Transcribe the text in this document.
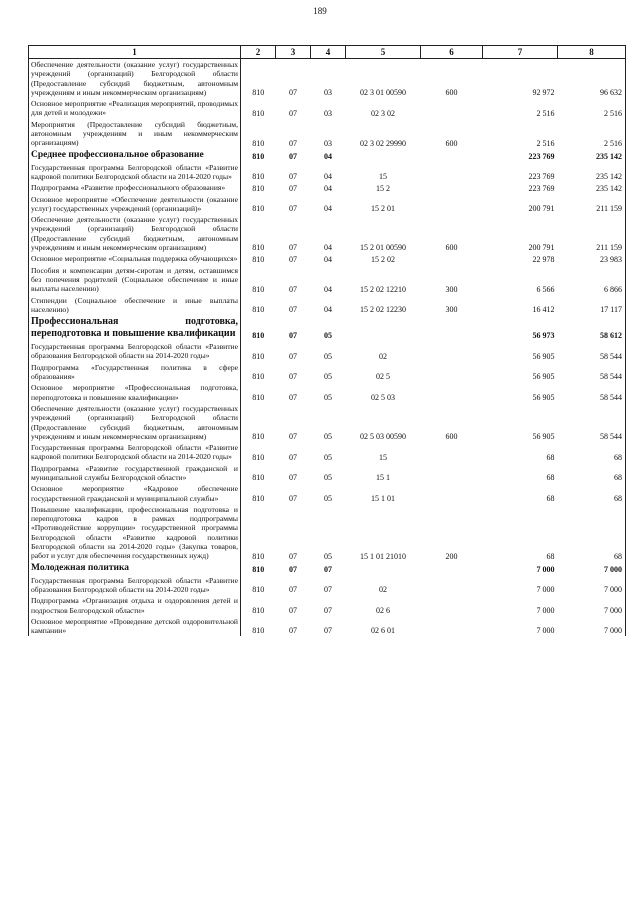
189
1	2	3	4	5	6	7	8
Обеспечение деятельности (оказание услуг) государственных учреждений (организаций) Белгородской области (Предоставление субсидий бюджетным, автономным учреждениям и иным некоммерческим организациям)	810	07	03	02 3 01 00590	600	92 972	96 632
Основное мероприятие «Реализация мероприятий, проводимых для детей и молодежи»	810	07	03	02 3 02		2 516	2 516
Мероприятия (Предоставление субсидий бюджетным, автономным учреждениям и иным некоммерческим организациям)	810	07	03	02 3 02 29990	600	2 516	2 516
Среднее профессиональное образование	810	07	04			223 769	235 142
Государственная программа Белгородской области «Развитие кадровой политики Белгородской области на 2014-2020 годы»	810	07	04	15		223 769	235 142
Подпрограмма «Развитие профессионального образования»	810	07	04	15 2		223 769	235 142
Основное мероприятие «Обеспечение деятельности (оказание услуг) государственных учреждений (организаций)»	810	07	04	15 2 01		200 791	211 159
Обеспечение деятельности (оказание услуг) государственных учреждений (организаций) Белгородской области (Предоставление субсидий бюджетным, автономным учреждениям и иным некоммерческим организациям)	810	07	04	15 2 01 00590	600	200 791	211 159
Основное мероприятие «Социальная поддержка обучающихся»	810	07	04	15 2 02		22 978	23 983
Пособия и компенсации детям-сиротам и детям, оставшимся без попечения родителей (Социальное обеспечение и иные выплаты населению)	810	07	04	15 2 02 12210	300	6 566	6 866
Стипендии (Социальное обеспечение и иные выплаты населению)	810	07	04	15 2 02 12230	300	16 412	17 117
Профессиональная подготовка, переподготовка и повышение квалификации	810	07	05			56 973	58 612
Государственная программа Белгородской области «Развитие образования Белгородской области на 2014-2020 годы»	810	07	05	02		56 905	58 544
Подпрограмма «Государственная политика в сфере образования»	810	07	05	02 5		56 905	58 544
Основное мероприятие «Профессиональная подготовка, переподготовка и повышение квалификации»	810	07	05	02 5 03		56 905	58 544
Обеспечение деятельности (оказание услуг) государственных учреждений (организаций) Белгородской области (Предоставление субсидий бюджетным, автономным учреждениям и иным некоммерческим организациям)	810	07	05	02 5 03 00590	600	56 905	58 544
Государственная программа Белгородской области «Развитие кадровой политики Белгородской области на 2014-2020 годы»	810	07	05	15		68	68
Подпрограмма «Развитие государственной гражданской и муниципальной службы Белгородской области»	810	07	05	15 1		68	68
Основное мероприятие «Кадровое обеспечение государственной гражданской и муниципальной службы»	810	07	05	15 1 01		68	68
Повышение квалификации, профессиональная подготовка и переподготовка кадров в рамках подпрограммы «Противодействие коррупции» государственной программы Белгородской области «Развитие кадровой политики Белгородской области на 2014-2020 годы» (Закупка товаров, работ и услуг для обеспечения государственных нужд)	810	07	05	15 1 01 21010	200	68	68
Молодежная политика	810	07	07			7 000	7 000
Государственная программа Белгородской области «Развитие образования Белгородской области на 2014-2020 годы»	810	07	07	02		7 000	7 000
Подпрограмма «Организация отдыха и оздоровления детей и подростков Белгородской области»	810	07	07	02 6		7 000	7 000
Основное мероприятие «Проведение детской оздоровительной кампании»	810	07	07	02 6 01		7 000	7 000
